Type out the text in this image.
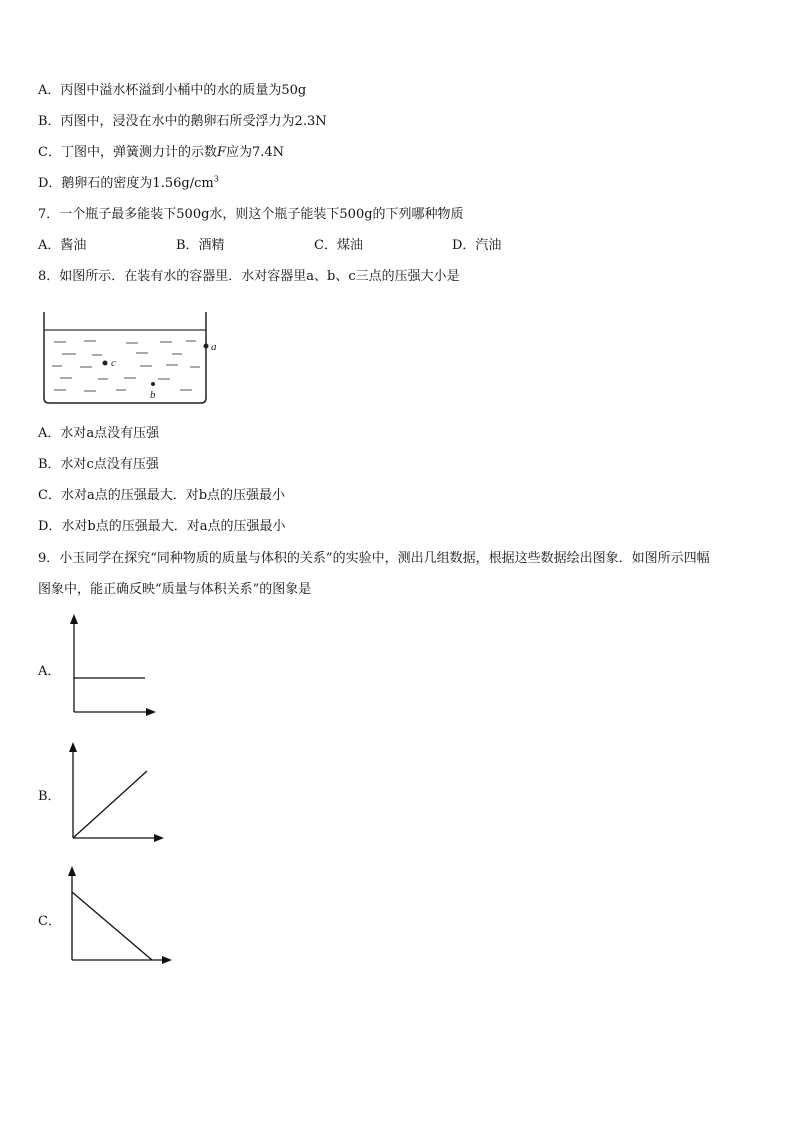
A．丙图中溢水杯溢到小桶中的水的质量为50g
B．丙图中，浸没在水中的鹅卵石所受浮力为2.3N
C．丁图中，弹簧测力计的示数F应为7.4N
D．鹅卵石的密度为$1.56g/cm^3$
7．一个瓶子最多能装下500g水，则这个瓶子能装下500g的下列哪种物质
A．酱油	B．酒精	C．煤油	D．汽油
8．如图所示．在装有水的容器里．水对容器里a、b、c三点的压强大小是
c
a
b
A．水对a点没有压强
B．水对c点没有压强
C．水对a点的压强最大．对b点的压强最小
D．水对b点的压强最大．对a点的压强最小
9．小玉同学在探究“同种物质的质量与体积的关系”的实验中，测出几组数据，根据这些数据绘出图象．如图所示四幅
图象中，能正确反映“质量与体积关系”的图象是
A．
B．
C．
